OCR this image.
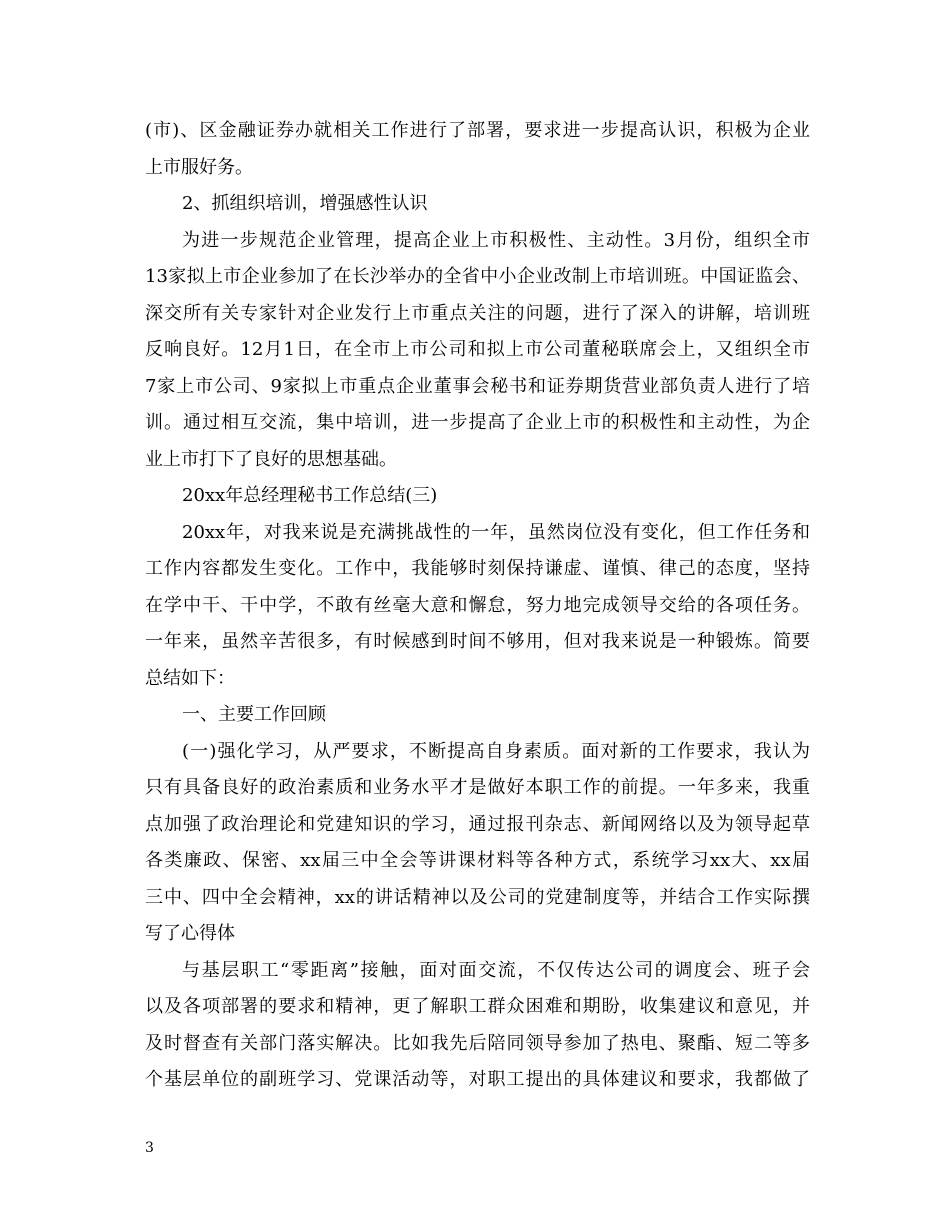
(市)、区金融证券办就相关工作进行了部署，要求进一步提高认识，积极为企业
上市服好务。
2、抓组织培训，增强感性认识
为进一步规范企业管理，提高企业上市积极性、主动性。3月份，组织全市
13家拟上市企业参加了在长沙举办的全省中小企业改制上市培训班。中国证监会、
深交所有关专家针对企业发行上市重点关注的问题，进行了深入的讲解，培训班
反响良好。12月1日，在全市上市公司和拟上市公司董秘联席会上，又组织全市
7家上市公司、9家拟上市重点企业董事会秘书和证券期货营业部负责人进行了培
训。通过相互交流，集中培训，进一步提高了企业上市的积极性和主动性，为企
业上市打下了良好的思想基础。
20xx年总经理秘书工作总结(三)
20xx年，对我来说是充满挑战性的一年，虽然岗位没有变化，但工作任务和
工作内容都发生变化。工作中，我能够时刻保持谦虚、谨慎、律己的态度，坚持
在学中干、干中学，不敢有丝毫大意和懈怠，努力地完成领导交给的各项任务。
一年来，虽然辛苦很多，有时候感到时间不够用，但对我来说是一种锻炼。简要
总结如下：
一、主要工作回顾
(一)强化学习，从严要求，不断提高自身素质。面对新的工作要求，我认为
只有具备良好的政治素质和业务水平才是做好本职工作的前提。一年多来，我重
点加强了政治理论和党建知识的学习，通过报刊杂志、新闻网络以及为领导起草
各类廉政、保密、xx届三中全会等讲课材料等各种方式，系统学习xx大、xx届
三中、四中全会精神，xx的讲话精神以及公司的党建制度等，并结合工作实际撰
写了心得体
与基层职工“零距离”接触，面对面交流，不仅传达公司的调度会、班子会
以及各项部署的要求和精神，更了解职工群众困难和期盼，收集建议和意见，并
及时督查有关部门落实解决。比如我先后陪同领导参加了热电、聚酯、短二等多
个基层单位的副班学习、党课活动等，对职工提出的具体建议和要求，我都做了
3
